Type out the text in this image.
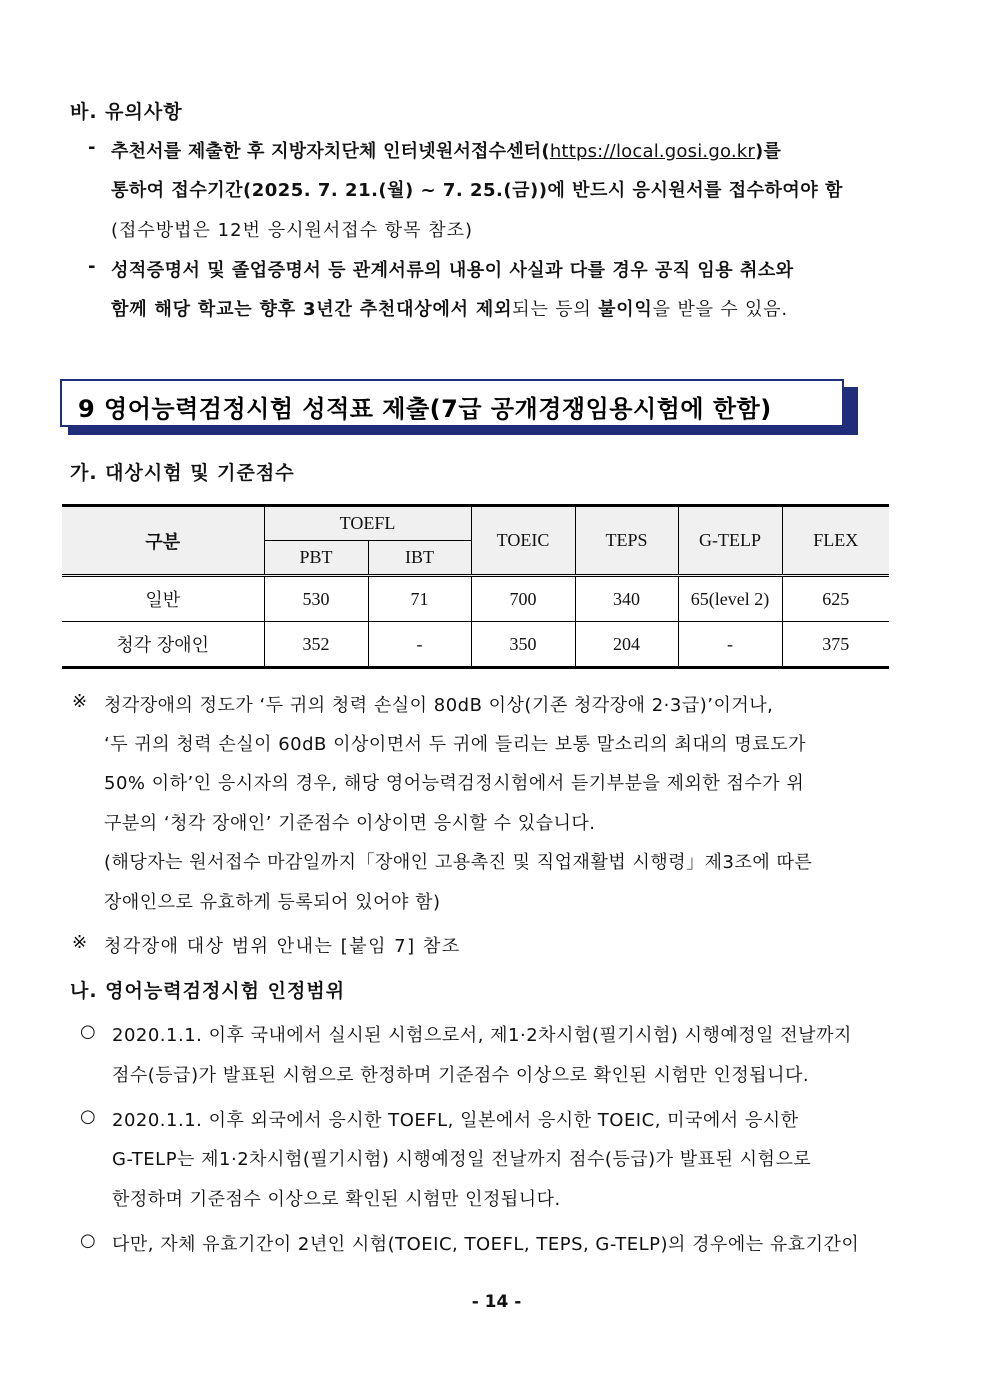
바. 유의사항
- 추천서를 제출한 후 지방자치단체 인터넷원서접수센터(https://local.gosi.go.kr)를
통하여 접수기간(2025. 7. 21.(월) ~ 7. 25.(금))에 반드시 응시원서를 접수하여야 함
(접수방법은 12번 응시원서접수 항목 참조)
- 성적증명서 및 졸업증명서 등 관계서류의 내용이 사실과 다를 경우 공직 임용 취소와
함께 해당 학교는 향후 3년간 추천대상에서 제외되는 등의 불이익을 받을 수 있음.
9 영어능력검정시험 성적표 제출(7급 공개경쟁임용시험에 한함)
가. 대상시험 및 기준점수
구분	TOEFL		TOEIC	TEPS	G-TELP	FLEX
	PBT	IBT				
일반	530	71	700	340	65(level 2)	625
청각 장애인	352	-	350	204	-	375
※ 청각장애의 정도가 ‘두 귀의 청력 손실이 80dB 이상(기존 청각장애 2·3급)’이거나,
‘두 귀의 청력 손실이 60dB 이상이면서 두 귀에 들리는 보통 말소리의 최대의 명료도가
50% 이하’인 응시자의 경우, 해당 영어능력검정시험에서 듣기부분을 제외한 점수가 위
구분의 ‘청각 장애인’ 기준점수 이상이면 응시할 수 있습니다.
(해당자는 원서접수 마감일까지「장애인 고용촉진 및 직업재활법 시행령」제3조에 따른
장애인으로 유효하게 등록되어 있어야 함)
※ 청각장애 대상 범위 안내는 [붙임 7] 참조
나. 영어능력검정시험 인정범위
○ 2020.1.1. 이후 국내에서 실시된 시험으로서, 제1·2차시험(필기시험) 시행예정일 전날까지
점수(등급)가 발표된 시험으로 한정하며 기준점수 이상으로 확인된 시험만 인정됩니다.
○ 2020.1.1. 이후 외국에서 응시한 TOEFL, 일본에서 응시한 TOEIC, 미국에서 응시한
G-TELP는 제1·2차시험(필기시험) 시행예정일 전날까지 점수(등급)가 발표된 시험으로
한정하며 기준점수 이상으로 확인된 시험만 인정됩니다.
○ 다만, 자체 유효기간이 2년인 시험(TOEIC, TOEFL, TEPS, G-TELP)의 경우에는 유효기간이
- 14 -
